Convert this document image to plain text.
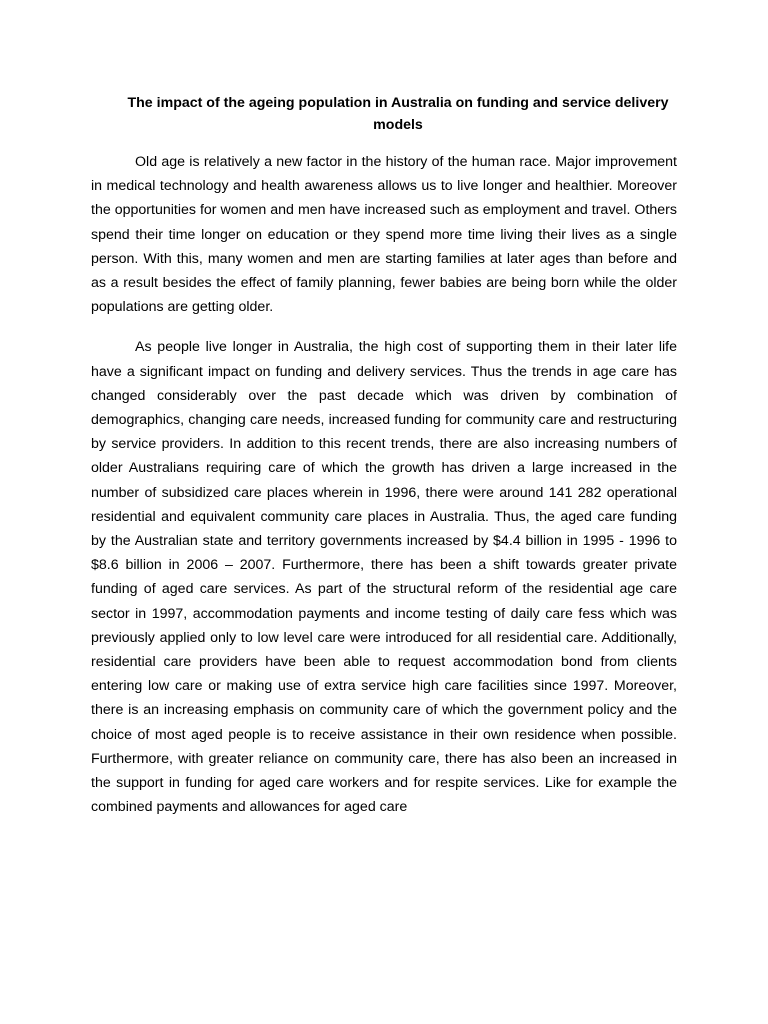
The impact of the ageing population in Australia on funding and service delivery models

Old age is relatively a new factor in the history of the human race. Major improvement in medical technology and health awareness allows us to live longer and healthier. Moreover the opportunities for women and men have increased such as employment and travel. Others spend their time longer on education or they spend more time living their lives as a single person. With this, many women and men are starting families at later ages than before and as a result besides the effect of family planning, fewer babies are being born while the older populations are getting older.

As people live longer in Australia, the high cost of supporting them in their later life have a significant impact on funding and delivery services. Thus the trends in age care has changed considerably over the past decade which was driven by combination of demographics, changing care needs, increased funding for community care and restructuring by service providers. In addition to this recent trends, there are also increasing numbers of older Australians requiring care of which the growth has driven a large increased in the number of subsidized care places wherein in 1996, there were around 141 282 operational residential and equivalent community care places in Australia. Thus, the aged care funding by the Australian state and territory governments increased by $4.4 billion in 1995 - 1996 to $8.6 billion in 2006 – 2007. Furthermore, there has been a shift towards greater private funding of aged care services. As part of the structural reform of the residential age care sector in 1997, accommodation payments and income testing of daily care fess which was previously applied only to low level care were introduced for all residential care. Additionally, residential care providers have been able to request accommodation bond from clients entering low care or making use of extra service high care facilities since 1997. Moreover, there is an increasing emphasis on community care of which the government policy and the choice of most aged people is to receive assistance in their own residence when possible. Furthermore, with greater reliance on community care, there has also been an increased in the support in funding for aged care workers and for respite services. Like for example the combined payments and allowances for aged care
